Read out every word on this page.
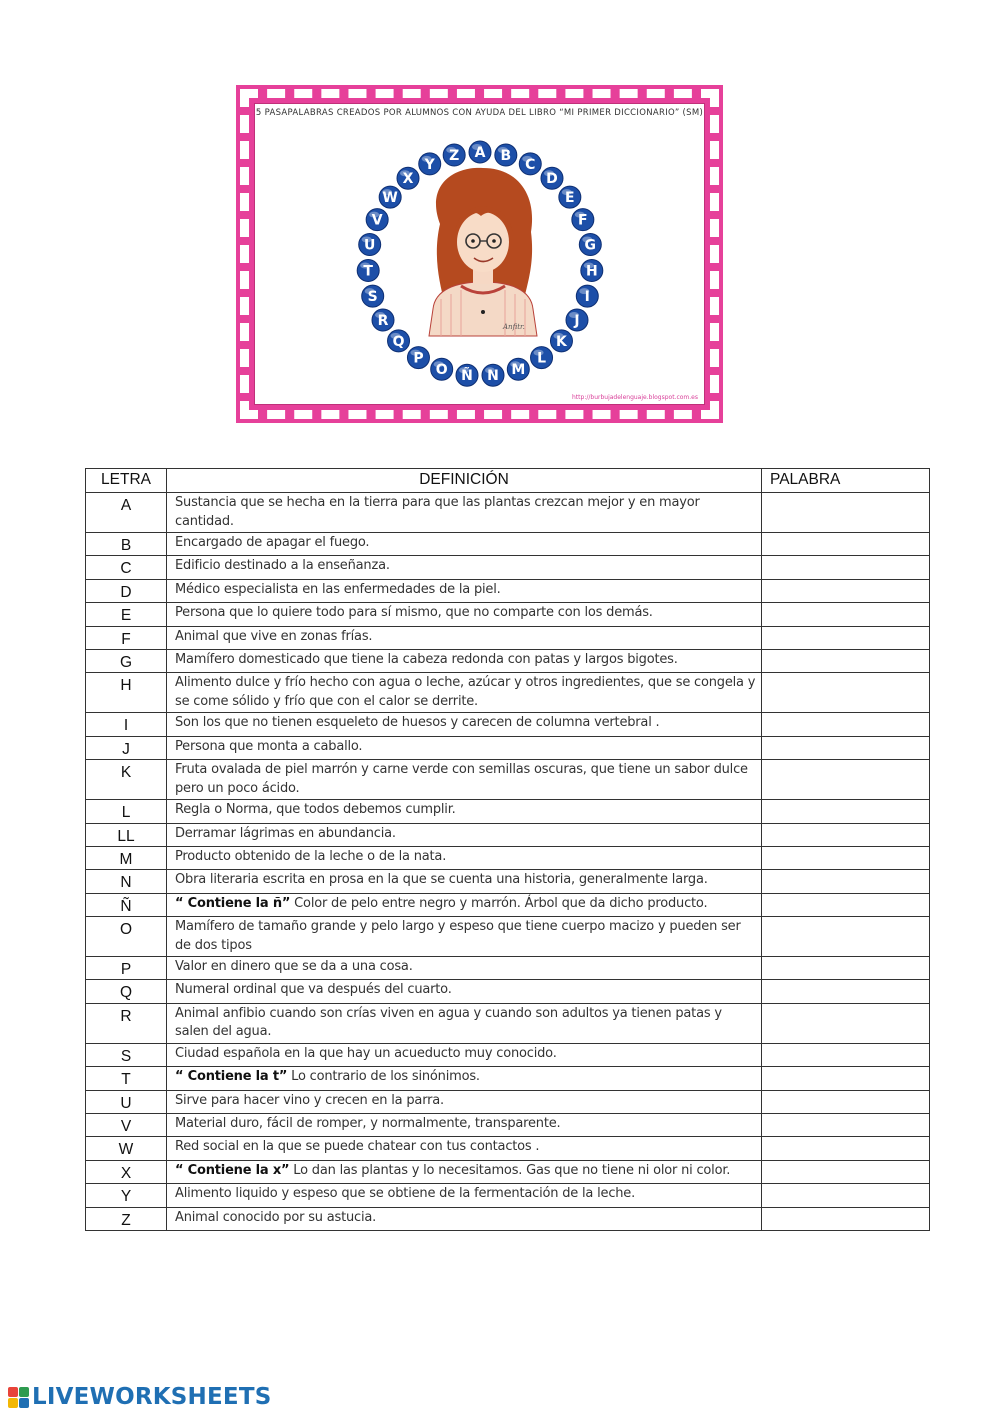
5 PASAPALABRAS CREADOS POR ALUMNOS CON AYUDA DEL LIBRO “MI PRIMER DICCIONARIO” (SM)
Anfitr.
A B
C
D
E
F
G
H
I
J
K
L
M
N
Ñ
O
P
Q
R
S
T
U
V
W
X
Y
Z
http://burbujadelenguaje.blogspot.com.es
LETRA	DEFINICIÓN	PALABRA
A	Sustancia que se hecha en la tierra para que las plantas crezcan mejor y en mayor cantidad.	
B	Encargado de apagar el fuego.	
C	Edificio destinado a la enseñanza.	
D	Médico especialista en las enfermedades de la piel.	
E	Persona que lo quiere todo para sí mismo, que no comparte con los demás.	
F	Animal que vive en zonas frías.	
G	Mamífero domesticado que tiene la cabeza redonda con patas y largos bigotes.	
H	Alimento dulce y frío hecho con agua o leche, azúcar y otros ingredientes, que se congela y se come sólido y frío que con el calor se derrite.	
I	Son los que no tienen esqueleto de huesos y carecen de columna vertebral .	
J	Persona que monta a caballo.	
K	Fruta ovalada de piel marrón y carne verde con semillas oscuras, que tiene un sabor dulce pero un poco ácido.	
L	Regla o Norma, que todos debemos cumplir.	
LL	Derramar lágrimas en abundancia.	
M	Producto obtenido de la leche o de la nata.	
N	Obra literaria escrita en prosa en la que se cuenta una historia, generalmente larga.	
Ñ	“ Contiene la ñ” Color de pelo entre negro y marrón. Árbol que da dicho producto.	
O	Mamífero de tamaño grande y pelo largo y espeso que tiene cuerpo macizo y pueden ser de dos tipos	
P	Valor en dinero que se da a una cosa.	
Q	Numeral ordinal que va después del cuarto.	
R	Animal anfibio cuando son crías viven en agua y cuando son adultos ya tienen patas y salen del agua.	
S	Ciudad española en la que hay un acueducto muy conocido.	
T	“ Contiene la t” Lo contrario de los sinónimos.	
U	Sirve para hacer vino y crecen en la parra.	
V	Material duro, fácil de romper, y normalmente, transparente.	
W	Red social en la que se puede chatear con tus contactos .	
X	“ Contiene la x” Lo dan las plantas y lo necesitamos. Gas que no tiene ni olor ni color.	
Y	Alimento liquido y espeso que se obtiene de la fermentación de la leche.	
Z	Animal conocido por su astucia.	
LIVEWORKSHEETS
